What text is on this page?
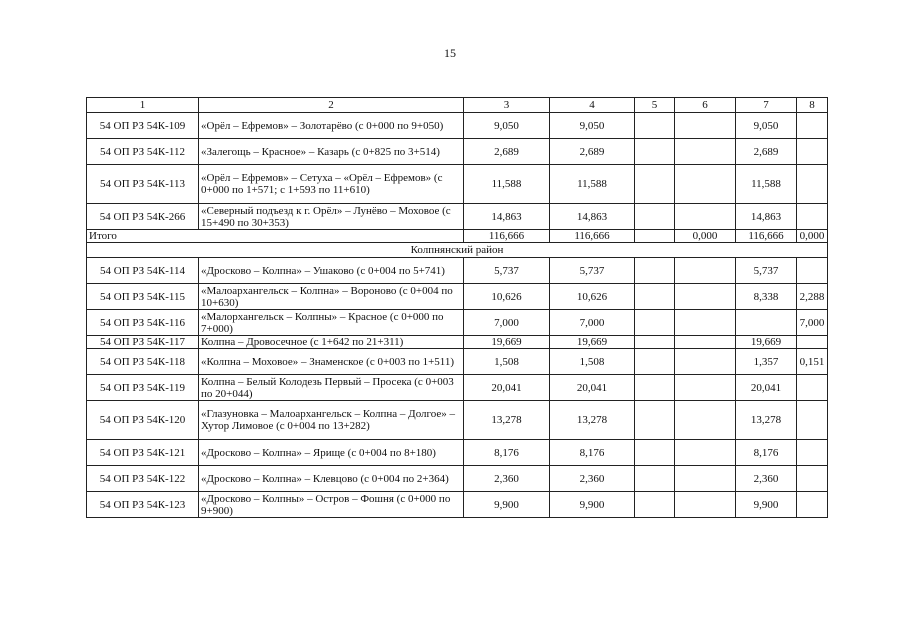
15
1	2	3	4	5	6	7	8
54 ОП РЗ 54К-109	«Орёл – Ефремов» – Золотарёво (с 0+000 по 9+050)	9,050	9,050			9,050	
54 ОП РЗ 54К-112	«Залегощь – Красное» – Казарь (с 0+825 по 3+514)	2,689	2,689			2,689	
54 ОП РЗ 54К-113	«Орёл – Ефремов» – Сетуха – «Орёл – Ефремов» (с 0+000 по 1+571; с 1+593 по 11+610)	11,588	11,588			11,588	
54 ОП РЗ 54К-266	«Северный подъезд к г. Орёл» – Лунёво – Моховое (с 15+490 по 30+353)	14,863	14,863			14,863	
Итого		116,666	116,666		0,000	116,666	0,000
Колпнянский район							
54 ОП РЗ 54К-114	«Дросково – Колпна» – Ушаково (с 0+004 по 5+741)	5,737	5,737			5,737	
54 ОП РЗ 54К-115	«Малоархангельск – Колпна» – Вороново (с 0+004 по 10+630)	10,626	10,626			8,338	2,288
54 ОП РЗ 54К-116	«Малорхангельск – Колпны» – Красное (с 0+000 по 7+000)	7,000	7,000				7,000
54 ОП РЗ 54К-117	Колпна – Дровосечное (с 1+642 по 21+311)	19,669	19,669			19,669	
54 ОП РЗ 54К-118	«Колпна – Моховое» – Знаменское (с 0+003 по 1+511)	1,508	1,508			1,357	0,151
54 ОП РЗ 54К-119	Колпна – Белый Колодезь Первый – Просека (с 0+003 по 20+044)	20,041	20,041			20,041	
54 ОП РЗ 54К-120	«Глазуновка – Малоархангельск – Колпна – Долгое» – Хутор Лимовое (с 0+004 по 13+282)	13,278	13,278			13,278	
54 ОП РЗ 54К-121	«Дросково – Колпна» – Ярище (с 0+004 по 8+180)	8,176	8,176			8,176	
54 ОП РЗ 54К-122	«Дросково – Колпна» – Клевцово (с 0+004 по 2+364)	2,360	2,360			2,360	
54 ОП РЗ 54К-123	«Дросково – Колпны» – Остров – Фошня (с 0+000 по 9+900)	9,900	9,900			9,900	
